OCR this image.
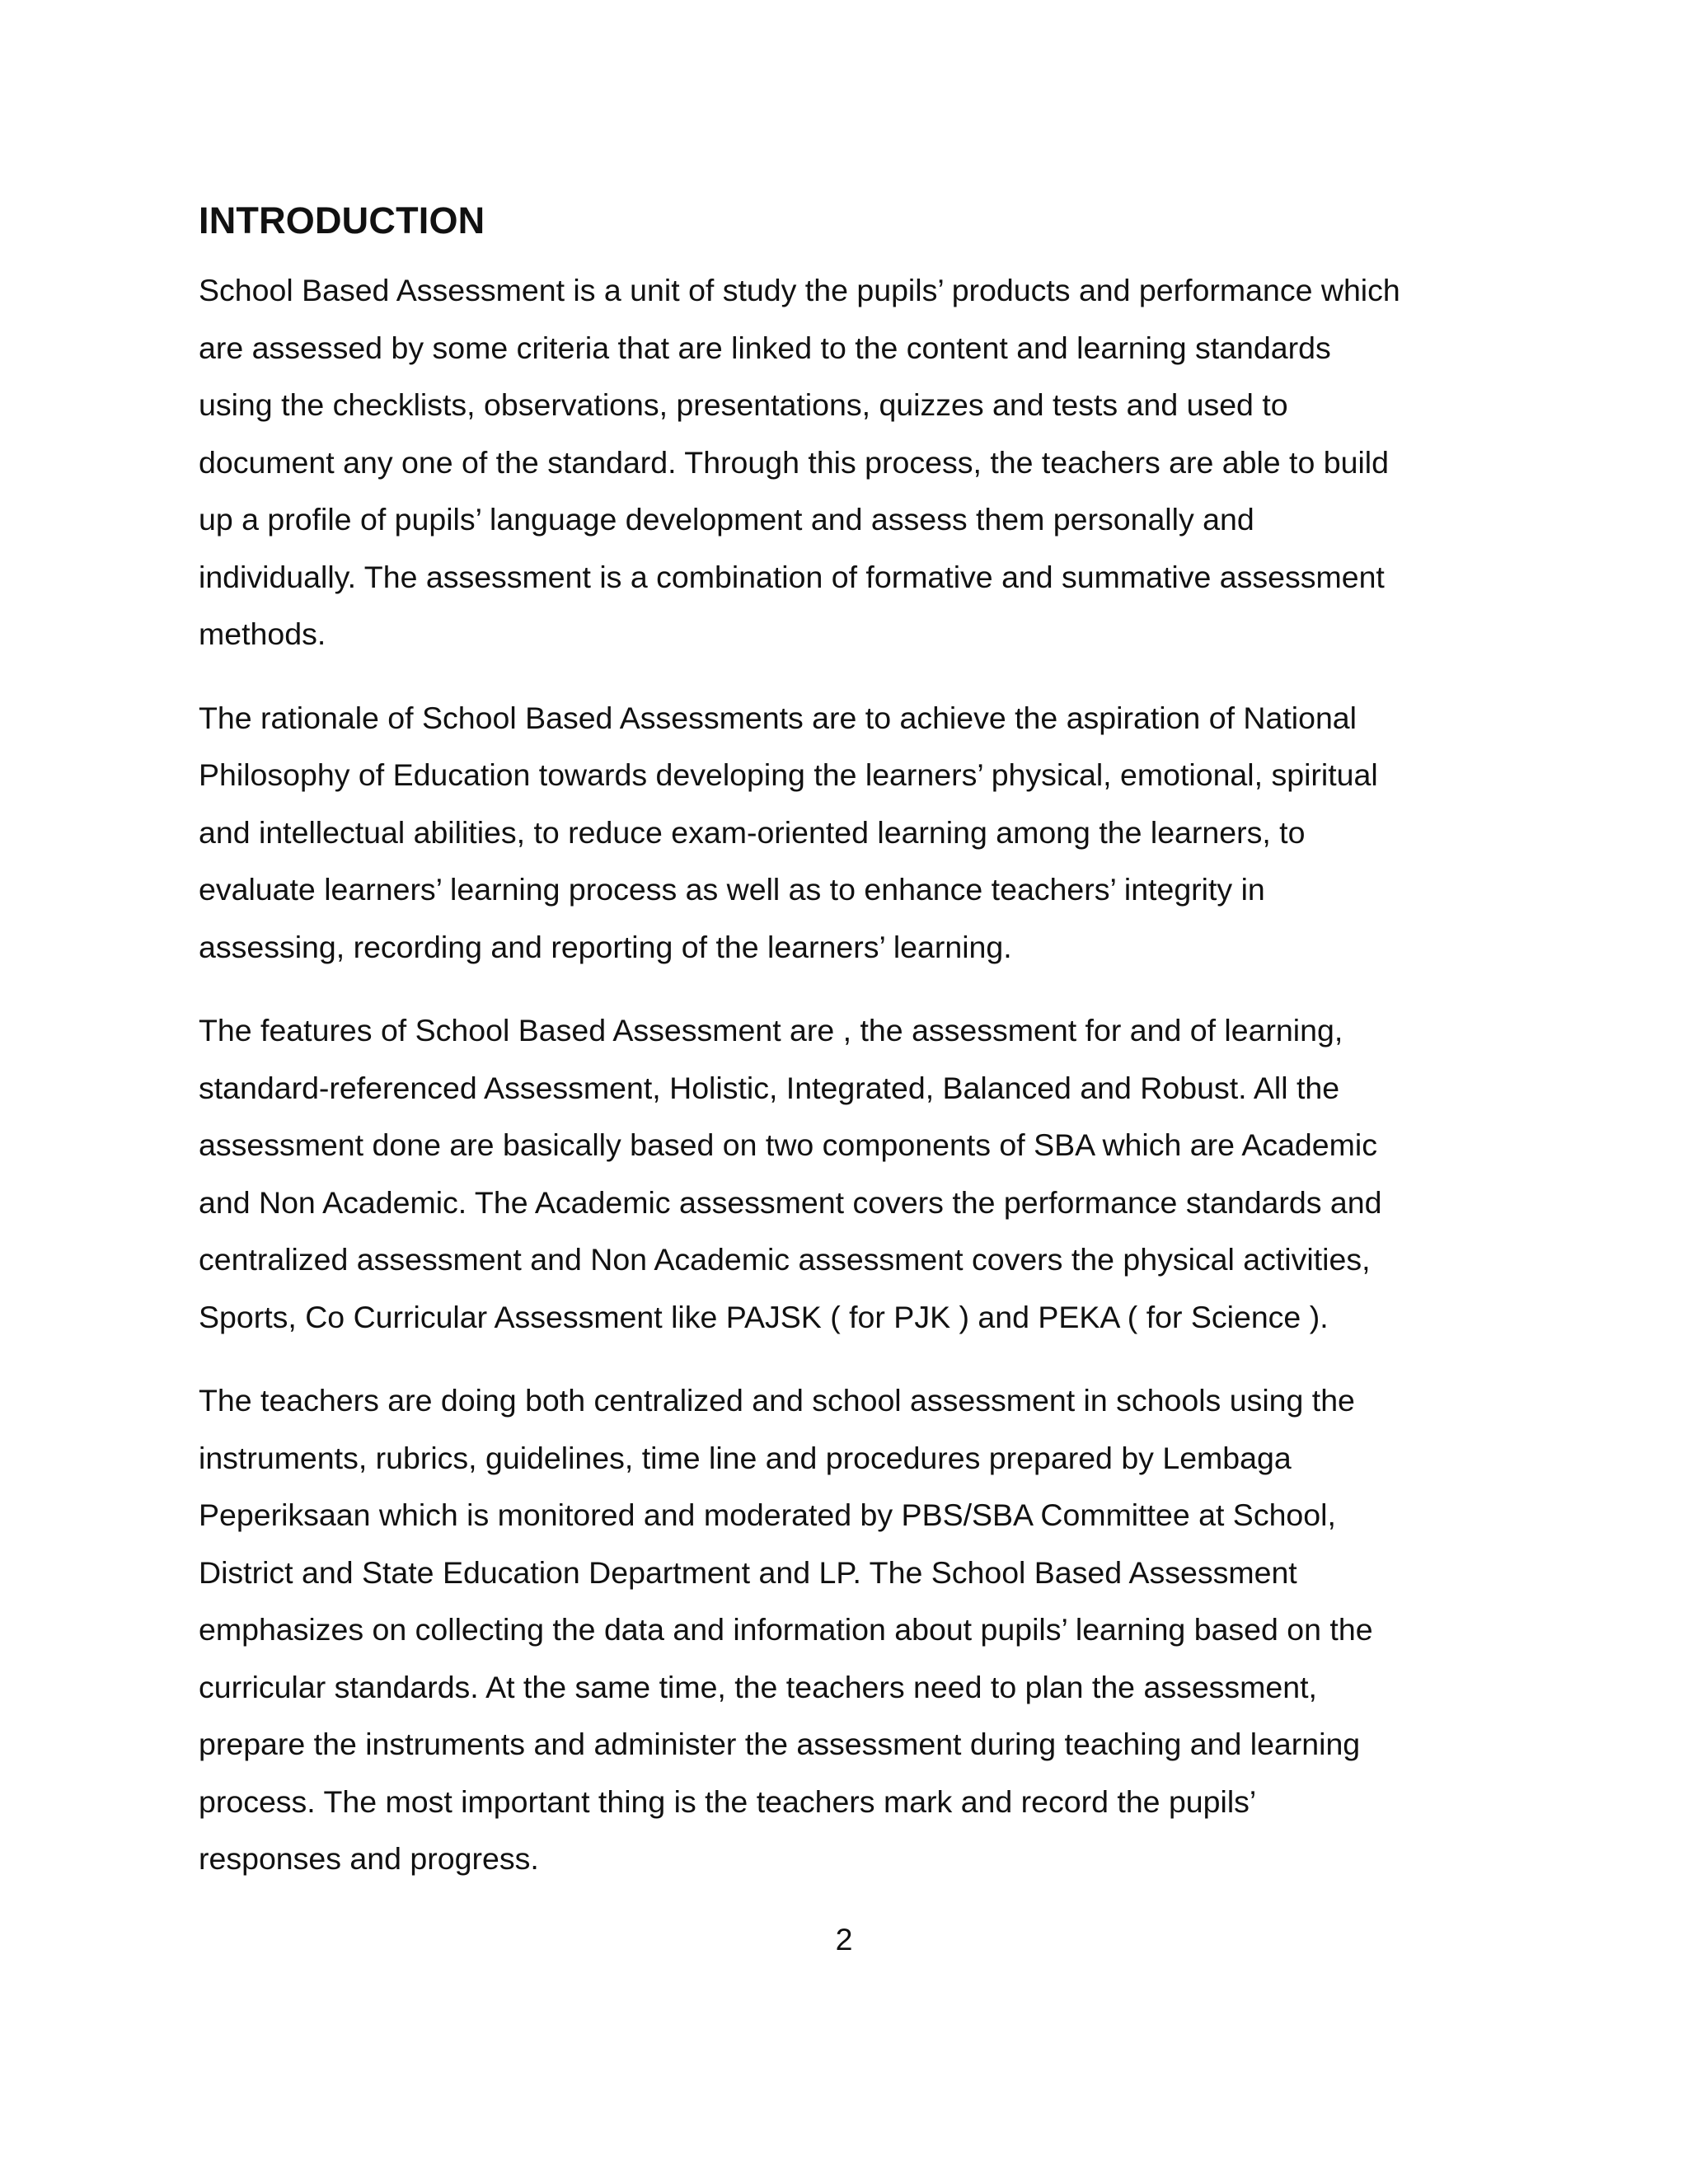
INTRODUCTION

School Based Assessment is a unit of study the pupils’ products and performance which
are assessed by some criteria that are linked to the content and learning standards
using the checklists, observations, presentations, quizzes and tests and used to
document any one of the standard. Through this process, the teachers are able to build
up a profile of pupils’ language development and assess them personally and
individually. The assessment is a combination of formative and summative assessment
methods.

The rationale of School Based Assessments are to achieve the aspiration of National
Philosophy of Education towards developing the learners’ physical, emotional, spiritual
and intellectual abilities, to reduce exam-oriented learning among the learners, to
evaluate learners’ learning process as well as to enhance teachers’ integrity in
assessing, recording and reporting of the learners’ learning.

The features of School Based Assessment are , the assessment for and of learning,
standard-referenced Assessment, Holistic, Integrated, Balanced and Robust. All the
assessment done are basically based on two components of SBA which are Academic
and Non Academic. The Academic assessment covers the performance standards and
centralized assessment and Non Academic assessment covers the physical activities,
Sports, Co Curricular Assessment like PAJSK ( for PJK ) and PEKA ( for Science ).

The teachers are doing both centralized and school assessment in schools using the
instruments, rubrics, guidelines, time line and procedures prepared by Lembaga
Peperiksaan which is monitored and moderated by PBS/SBA Committee at School,
District and State Education Department and LP. The School Based Assessment
emphasizes on collecting the data and information about pupils’ learning based on the
curricular standards. At the same time, the teachers need to plan the assessment,
prepare the instruments and administer the assessment during teaching and learning
process. The most important thing is the teachers mark and record the pupils’
responses and progress.

2
